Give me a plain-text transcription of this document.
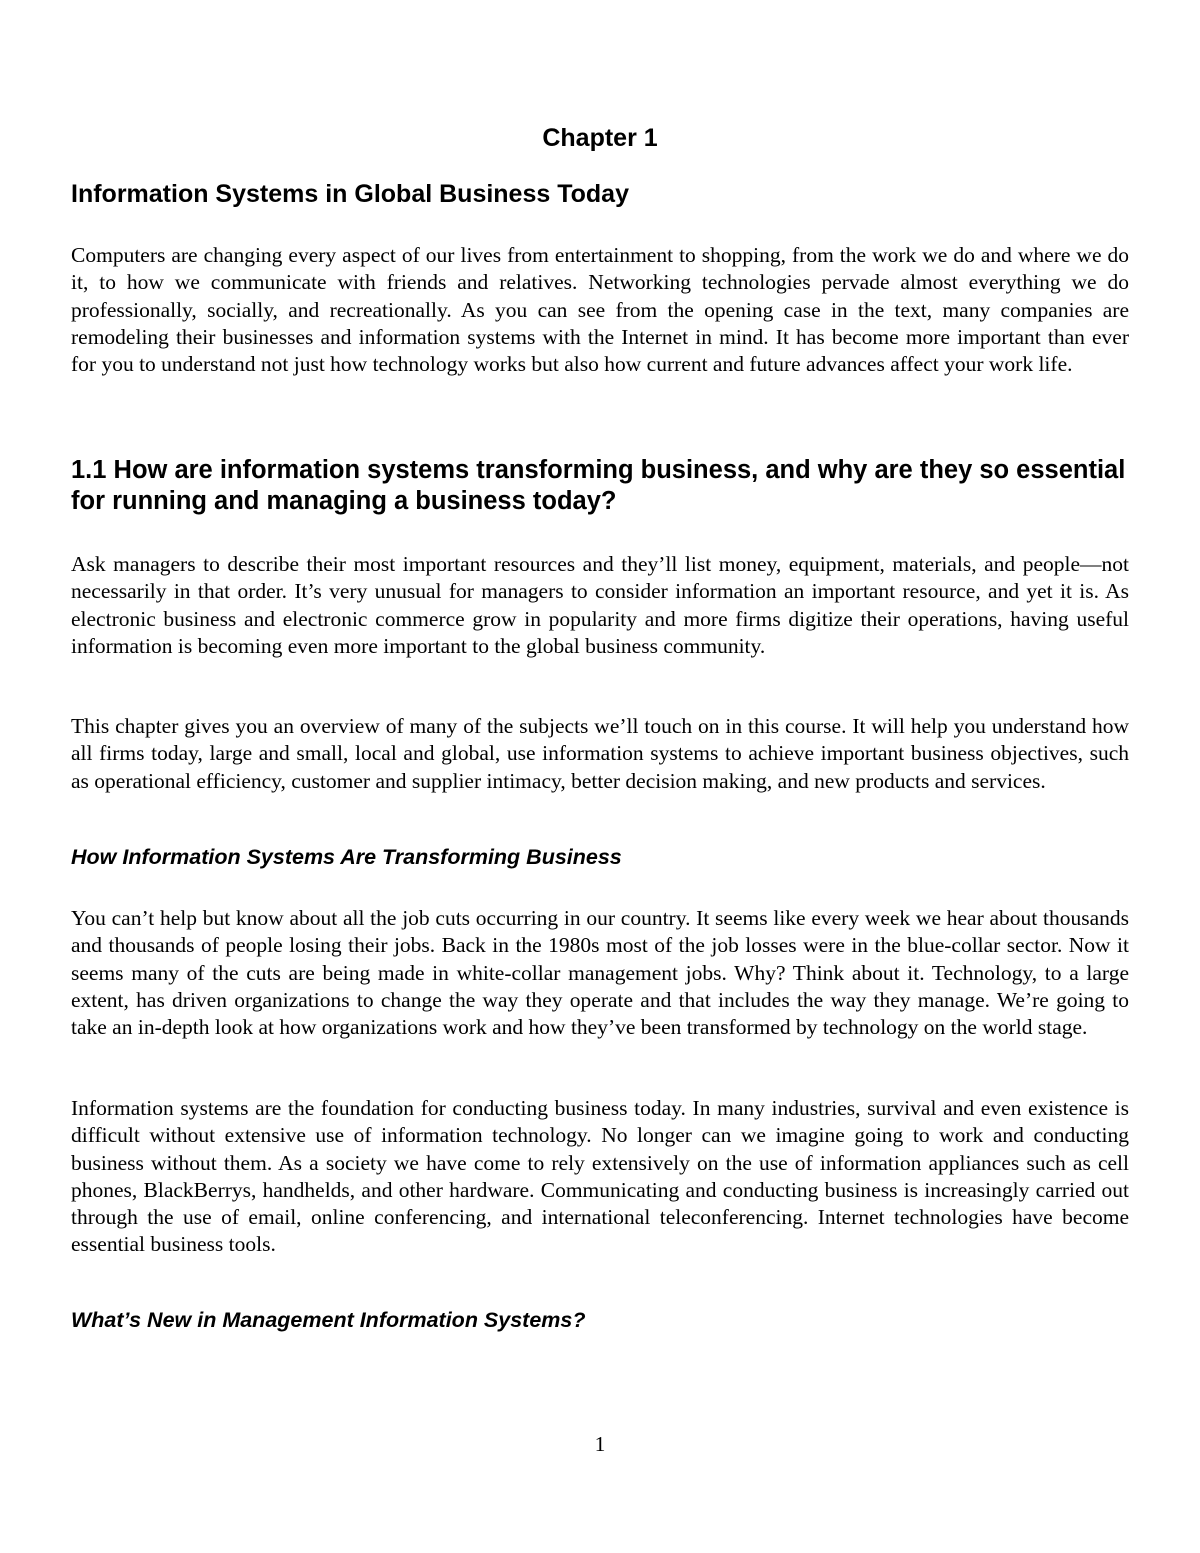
Chapter 1
Information Systems in Global Business Today

Computers are changing every aspect of our lives from entertainment to shopping, from the work we do and where we do it, to how we communicate with friends and relatives. Networking technologies pervade almost everything we do professionally, socially, and recreationally. As you can see from the opening case in the text, many companies are remodeling their businesses and information systems with the Internet in mind. It has become more important than ever for you to understand not just how technology works but also how current and future advances affect your work life.

1.1 How are information systems transforming business, and why are they so essential for running and managing a business today?

Ask managers to describe their most important resources and they’ll list money, equipment, materials, and people—not necessarily in that order. It’s very unusual for managers to consider information an important resource, and yet it is. As electronic business and electronic commerce grow in popularity and more firms digitize their operations, having useful information is becoming even more important to the global business community.

This chapter gives you an overview of many of the subjects we’ll touch on in this course. It will help you understand how all firms today, large and small, local and global, use information systems to achieve important business objectives, such as operational efficiency, customer and supplier intimacy, better decision making, and new products and services.

How Information Systems Are Transforming Business

You can’t help but know about all the job cuts occurring in our country. It seems like every week we hear about thousands and thousands of people losing their jobs. Back in the 1980s most of the job losses were in the blue-collar sector. Now it seems many of the cuts are being made in white-collar management jobs. Why? Think about it. Technology, to a large extent, has driven organizations to change the way they operate and that includes the way they manage. We’re going to take an in-depth look at how organizations work and how they’ve been transformed by technology on the world stage.

Information systems are the foundation for conducting business today. In many industries, survival and even existence is difficult without extensive use of information technology. No longer can we imagine going to work and conducting business without them. As a society we have come to rely extensively on the use of information appliances such as cell phones, BlackBerrys, handhelds, and other hardware. Communicating and conducting business is increasingly carried out through the use of email, online conferencing, and international teleconferencing. Internet technologies have become essential business tools.

What’s New in Management Information Systems?
1
